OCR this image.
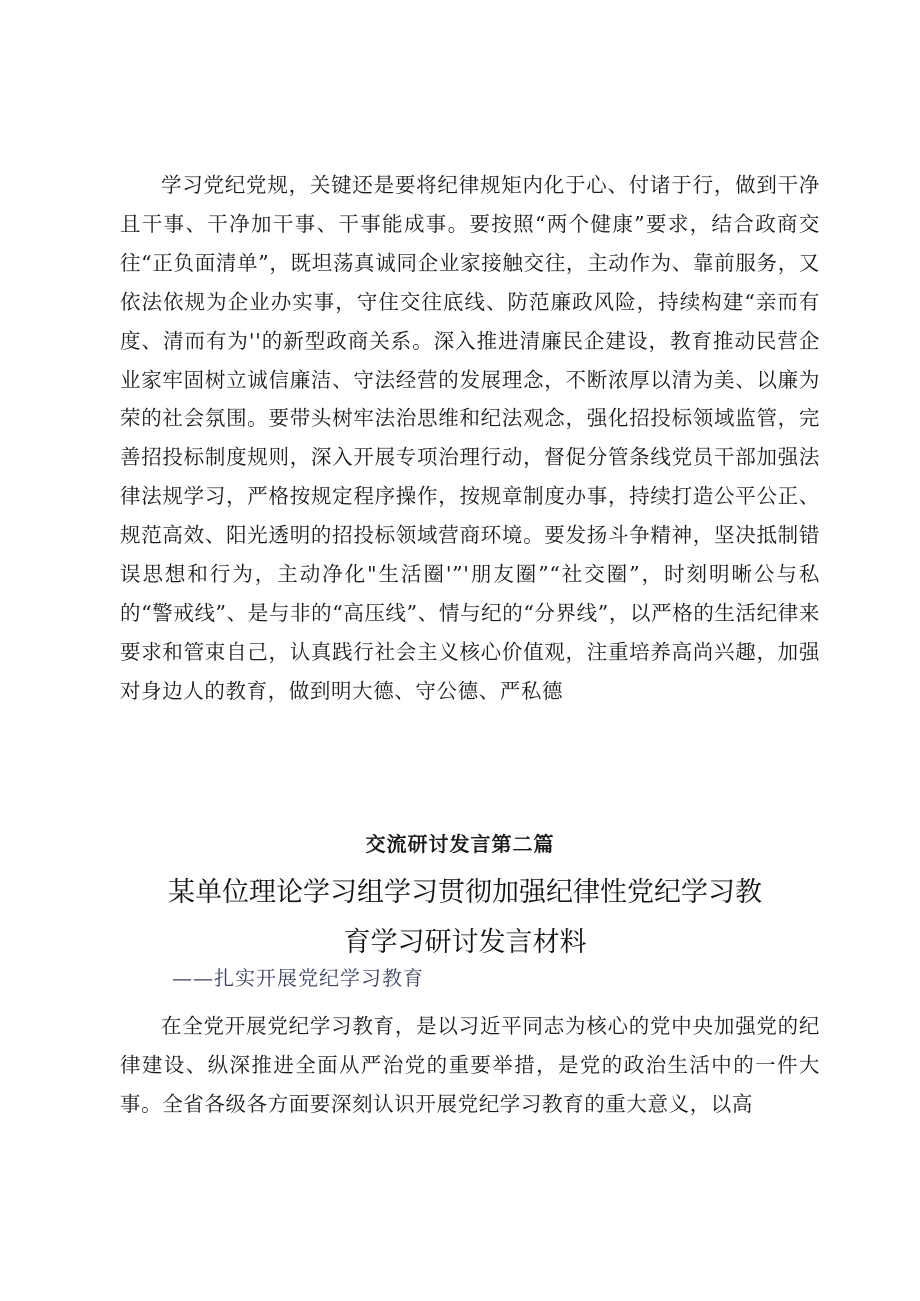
学习党纪党规，关键还是要将纪律规矩内化于心、付诸于行，做到干净且干事、干净加干事、干事能成事。要按照“两个健康”要求，结合政商交往“正负面清单”，既坦荡真诚同企业家接触交往，主动作为、靠前服务，又依法依规为企业办实事，守住交往底线、防范廉政风险，持续构建“亲而有度、清而有为''的新型政商关系。深入推进清廉民企建设，教育推动民营企业家牢固树立诚信廉洁、守法经营的发展理念，不断浓厚以清为美、以廉为荣的社会氛围。要带头树牢法治思维和纪法观念，强化招投标领域监管，完善招投标制度规则，深入开展专项治理行动，督促分管条线党员干部加强法律法规学习，严格按规定程序操作，按规章制度办事，持续打造公平公正、规范高效、阳光透明的招投标领域营商环境。要发扬斗争精神，坚决抵制错误思想和行为，主动净化"生活圈'”'朋友圈”“社交圈”，时刻明晰公与私的“警戒线”、是与非的“高压线”、情与纪的“分界线”，以严格的生活纪律来要求和管束自己，认真践行社会主义核心价值观，注重培养高尚兴趣，加强对身边人的教育，做到明大德、守公德、严私德

交流研讨发言第二篇
某单位理论学习组学习贯彻加强纪律性党纪学习教育学习研讨发言材料

——扎实开展党纪学习教育

在全党开展党纪学习教育，是以习近平同志为核心的党中央加强党的纪律建设、纵深推进全面从严治党的重要举措，是党的政治生活中的一件大事。全省各级各方面要深刻认识开展党纪学习教育的重大意义，以高
